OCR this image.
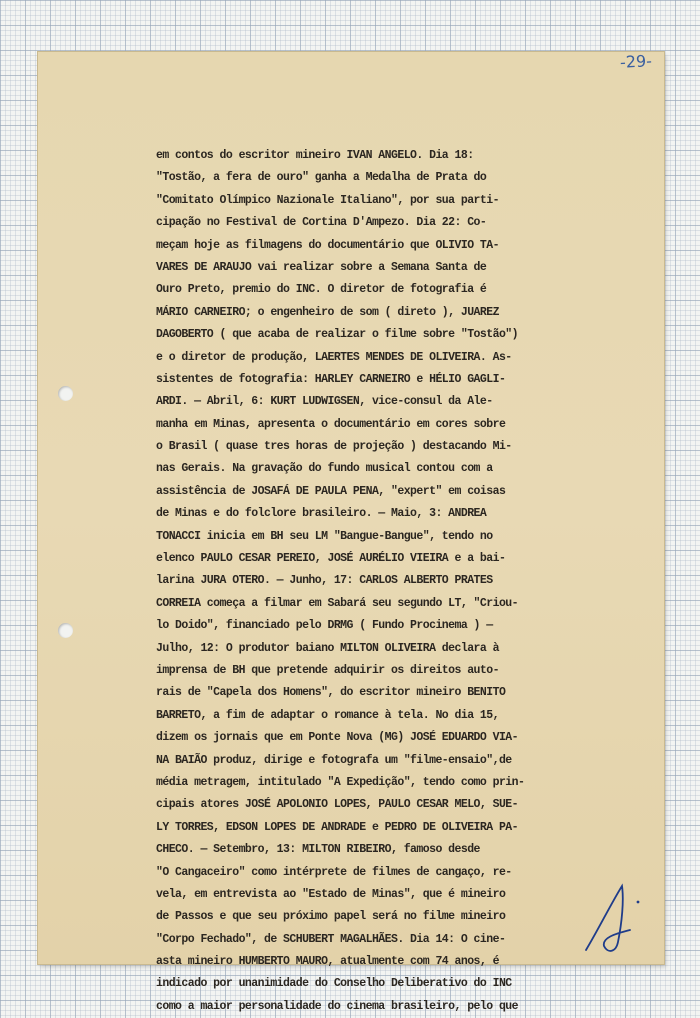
-29-
em contos do escritor mineiro IVAN ANGELO. Dia 18:
"Tostão, a fera de ouro" ganha a Medalha de Prata do
"Comitato Olímpico Nazionale Italiano", por sua parti-
cipação no Festival de Cortina D'Ampezo. Dia 22: Co-
meçam hoje as filmagens do documentário que OLIVIO TA-
VARES DE ARAUJO vai realizar sobre a Semana Santa de
Ouro Preto, premio do INC. O diretor de fotografia é
MÁRIO CARNEIRO; o engenheiro de som ( direto ), JUAREZ
DAGOBERTO ( que acaba de realizar o filme sobre "Tostão")
e o diretor de produção, LAERTES MENDES DE OLIVEIRA. As-
sistentes de fotografia: HARLEY CARNEIRO e HÉLIO GAGLI-
ARDI. — Abril, 6: KURT LUDWIGSEN, vice-consul da Ale-
manha em Minas, apresenta o documentário em cores sobre
o Brasil ( quase tres horas de projeção ) destacando Mi-
nas Gerais. Na gravação do fundo musical contou com a
assistência de JOSAFÁ DE PAULA PENA, "expert" em coisas
de Minas e do folclore brasileiro. — Maio, 3: ANDREA
TONACCI inicia em BH seu LM "Bangue-Bangue", tendo no
elenco PAULO CESAR PEREIO, JOSÉ AURÉLIO VIEIRA e a bai-
larina JURA OTERO. — Junho, 17: CARLOS ALBERTO PRATES
CORREIA começa a filmar em Sabará seu segundo LT, "Criou-
lo Doido", financiado pelo DRMG ( Fundo Procinema ) —
Julho, 12: O produtor baiano MILTON OLIVEIRA declara à
imprensa de BH que pretende adquirir os direitos auto-
rais de "Capela dos Homens", do escritor mineiro BENITO
BARRETO, a fim de adaptar o romance à tela. No dia 15,
dizem os jornais que em Ponte Nova (MG) JOSÉ EDUARDO VIA-
NA BAIÃO produz, dirige e fotografa um "filme-ensaio",de
média metragem, intitulado "A Expedição", tendo como prin-
cipais atores JOSÉ APOLONIO LOPES, PAULO CESAR MELO, SUE-
LY TORRES, EDSON LOPES DE ANDRADE e PEDRO DE OLIVEIRA PA-
CHECO. — Setembro, 13: MILTON RIBEIRO, famoso desde
"O Cangaceiro" como intérprete de filmes de cangaço, re-
vela, em entrevista ao "Estado de Minas", que é mineiro
de Passos e que seu próximo papel será no filme mineiro
"Corpo Fechado", de SCHUBERT MAGALHÃES. Dia 14: O cine-
asta mineiro HUMBERTO MAURO, atualmente com 74 anos, é
indicado por unanimidade do Conselho Deliberativo do INC
como a maior personalidade do cinema brasileiro, pelo que
